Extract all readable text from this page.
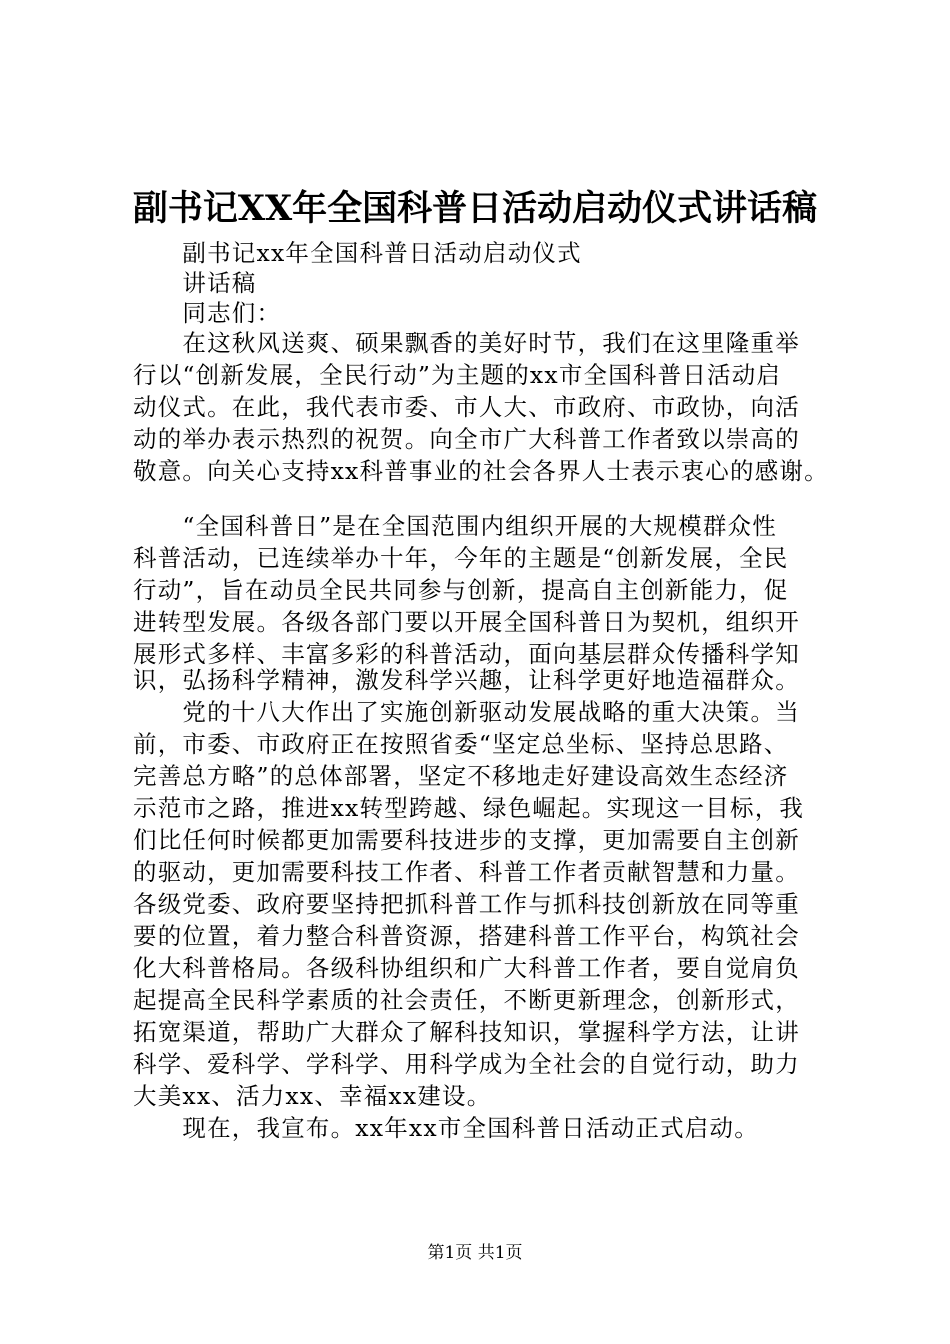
副书记XX年全国科普日活动启动仪式讲话稿
　　副书记xx年全国科普日活动启动仪式
　　讲话稿
　　同志们：
　　在这秋风送爽、硕果飘香的美好时节，我们在这里隆重举
行以“创新发展，全民行动”为主题的xx市全国科普日活动启
动仪式。在此，我代表市委、市人大、市政府、市政协，向活
动的举办表示热烈的祝贺。向全市广大科普工作者致以崇高的
敬意。向关心支持xx科普事业的社会各界人士表示衷心的感谢。
　　“全国科普日”是在全国范围内组织开展的大规模群众性
科普活动，已连续举办十年，今年的主题是“创新发展，全民
行动”，旨在动员全民共同参与创新，提高自主创新能力，促
进转型发展。各级各部门要以开展全国科普日为契机，组织开
展形式多样、丰富多彩的科普活动，面向基层群众传播科学知
识，弘扬科学精神，激发科学兴趣，让科学更好地造福群众。
　　党的十八大作出了实施创新驱动发展战略的重大决策。当
前，市委、市政府正在按照省委“坚定总坐标、坚持总思路、
完善总方略”的总体部署，坚定不移地走好建设高效生态经济
示范市之路，推进xx转型跨越、绿色崛起。实现这一目标，我
们比任何时候都更加需要科技进步的支撑，更加需要自主创新
的驱动，更加需要科技工作者、科普工作者贡献智慧和力量。
各级党委、政府要坚持把抓科普工作与抓科技创新放在同等重
要的位置，着力整合科普资源，搭建科普工作平台，构筑社会
化大科普格局。各级科协组织和广大科普工作者，要自觉肩负
起提高全民科学素质的社会责任，不断更新理念，创新形式，
拓宽渠道，帮助广大群众了解科技知识，掌握科学方法，让讲
科学、爱科学、学科学、用科学成为全社会的自觉行动，助力
大美xx、活力xx、幸福xx建设。
　　现在，我宣布。xx年xx市全国科普日活动正式启动。
第1页 共1页
